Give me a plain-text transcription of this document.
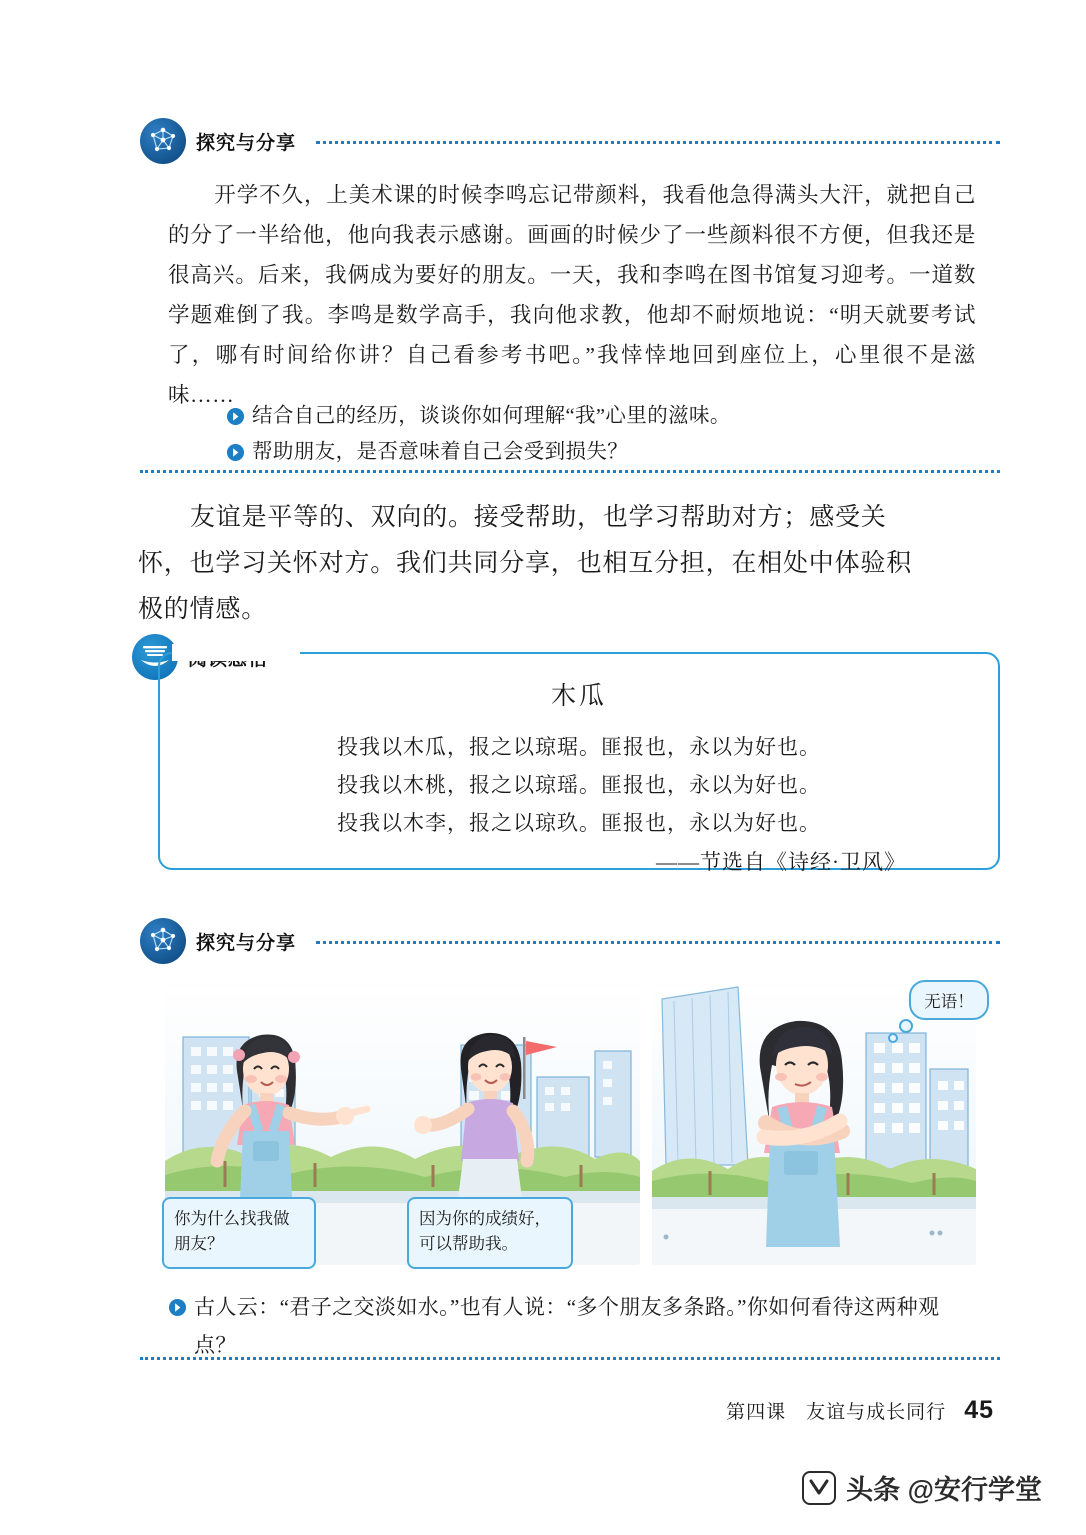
探究与分享
开学不久，上美术课的时候李鸣忘记带颜料，我看他急得满头大汗，就把自己的分了一半给他，他向我表示感谢。画画的时候少了一些颜料很不方便，但我还是很高兴。后来，我俩成为要好的朋友。一天，我和李鸣在图书馆复习迎考。一道数学题难倒了我。李鸣是数学高手，我向他求教，他却不耐烦地说：“明天就要考试了，哪有时间给你讲？自己看参考书吧。”我悻悻地回到座位上，心里很不是滋味……
结合自己的经历，谈谈你如何理解“我”心里的滋味。
帮助朋友，是否意味着自己会受到损失？
友谊是平等的、双向的。接受帮助，也学习帮助对方；感受关怀，也学习关怀对方。我们共同分享，也相互分担，在相处中体验积极的情感。
木瓜
投我以木瓜，报之以琼琚。匪报也，永以为好也。
投我以木桃，报之以琼瑶。匪报也，永以为好也。
投我以木李，报之以琼玖。匪报也，永以为好也。
——节选自《诗经·卫风》
探究与分享
你为什么找我做朋友？
因为你的成绩好，可以帮助我。
无语！
古人云：“君子之交淡如水。”也有人说：“多个朋友多条路。”你如何看待这两种观点？
第四课　友谊与成长同行 45
头条 @安行学堂
